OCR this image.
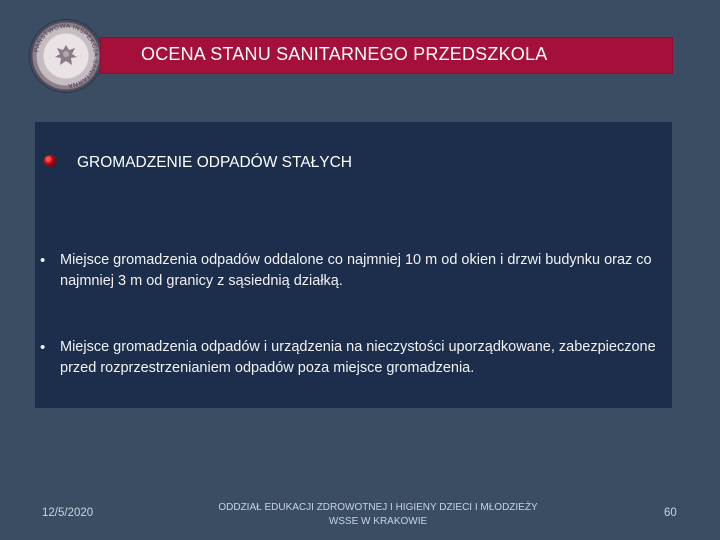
PAŃSTWOWA INSPEKCJA SANITARNA
OCENA STANU SANITARNEGO PRZEDSZKOLA
GROMADZENIE ODPADÓW STAŁYCH
• Miejsce gromadzenia odpadów oddalone co najmniej 10 m od okien i drzwi budynku oraz co najmniej 3 m od granicy z sąsiednią działką.
• Miejsce gromadzenia odpadów i urządzenia na nieczystości uporządkowane, zabezpieczone przed rozprzestrzenianiem odpadów poza miejsce gromadzenia.
12/5/2020	ODDZIAŁ EDUKACJI ZDROWOTNEJ I HIGIENY DZIECI I MŁODZIEŻY
WSSE W KRAKOWIE
60
